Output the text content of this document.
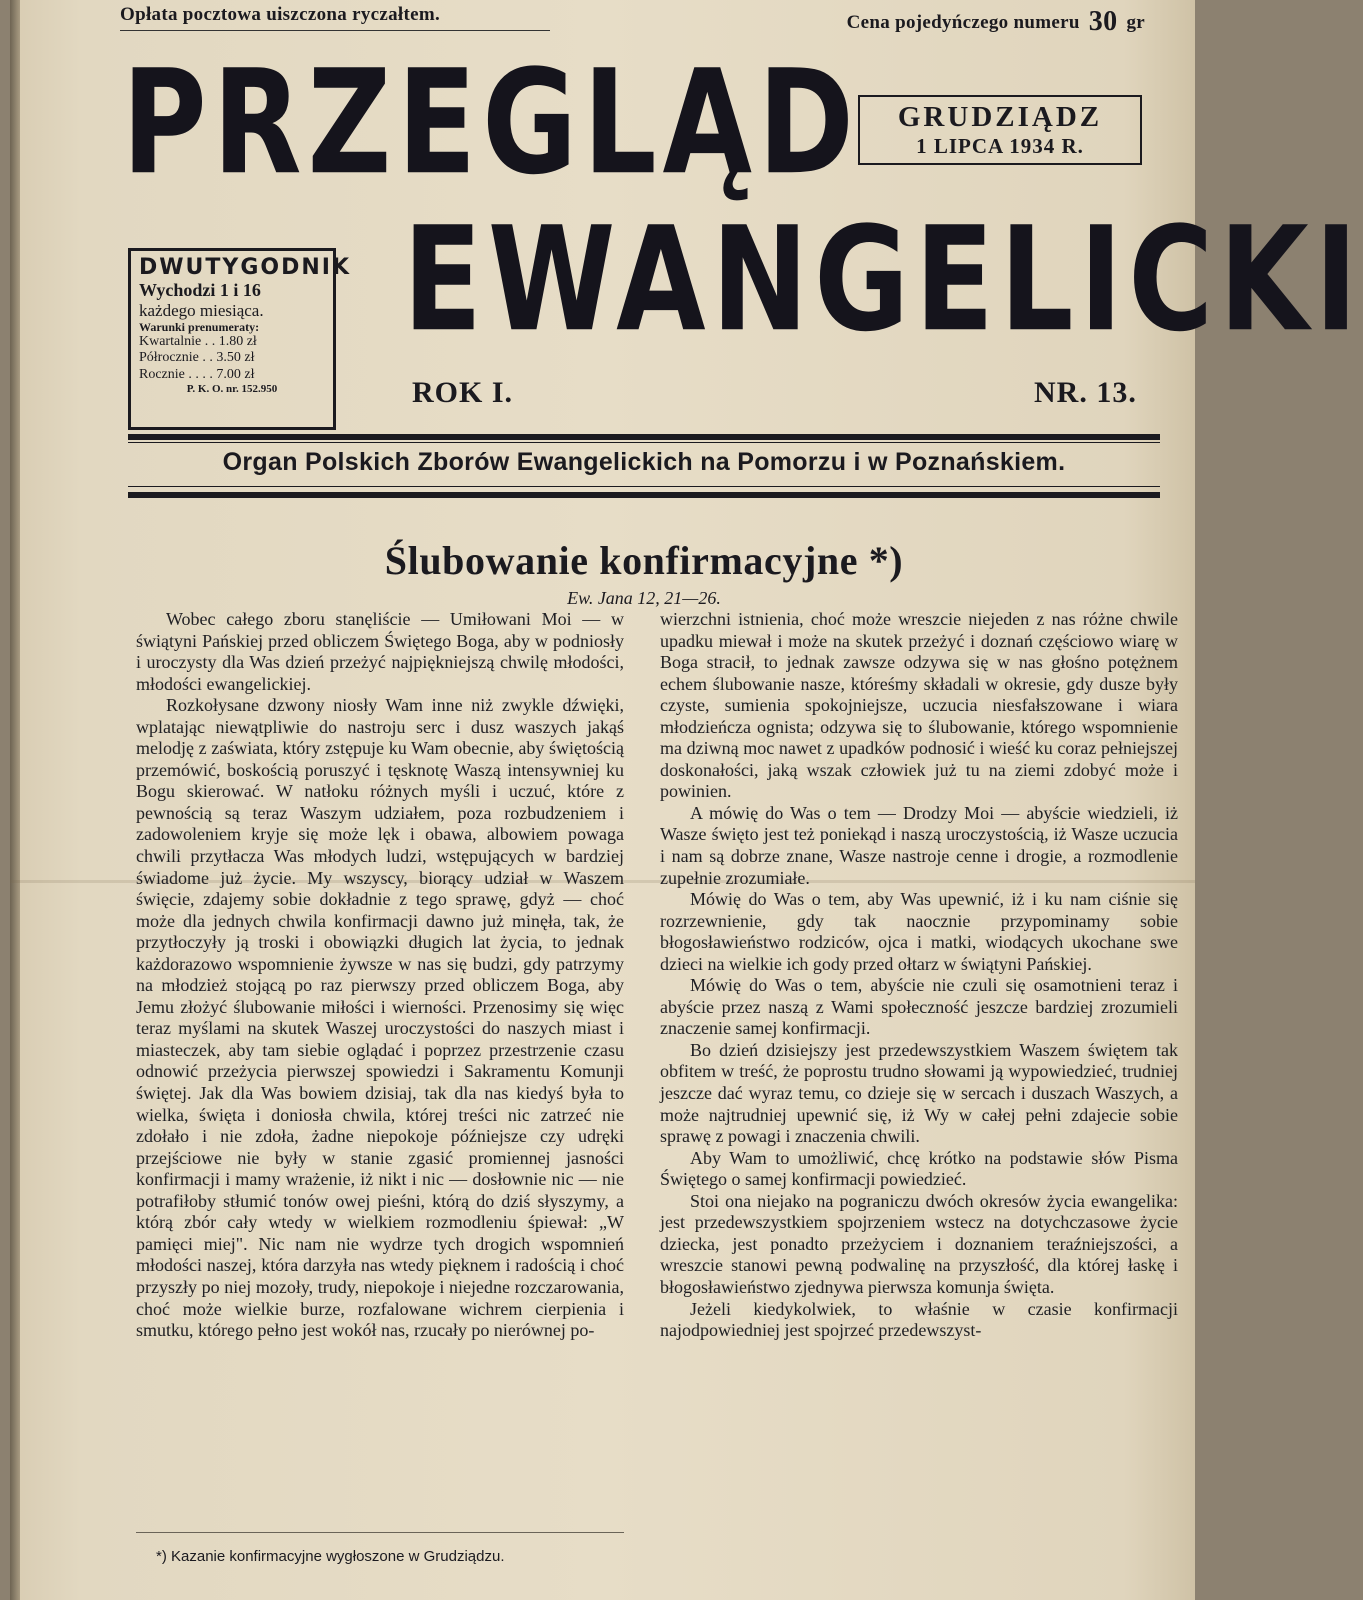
Opłata pocztowa uiszczona ryczałtem.	Cena pojedyńczego numeru 30 gr
PRZEGLĄD
EWANGELICKI
GRUDZIĄDZ
1 LIPCA 1934 R.
DWUTYGODNIK
Wychodzi 1 i 16
każdego miesiąca.
Warunki prenumeraty:
Kwartalnie . . 1.80 zł
Półrocznie . . 3.50 zł
Rocznie . . . . 7.00 zł
P. K. O. nr. 152.950	ROK I.	NR. 13.
Organ Polskich Zborów Ewangelickich na Pomorzu i w Poznańskiem.
Ślubowanie konfirmacyjne *)
Ew. Jana 12, 21—26.

Wobec całego zboru stanęliście — Umiłowani Moi — w świątyni Pańskiej przed obliczem Świętego Boga, aby w podniosły i uroczysty dla Was dzień przeżyć najpiękniejszą chwilę młodości, młodości ewangelickiej.

Rozkołysane dzwony niosły Wam inne niż zwykle dźwięki, wplatając niewątpliwie do nastroju serc i dusz waszych jakąś melodję z zaświata, który zstępuje ku Wam obecnie, aby świętością przemówić, boskością poruszyć i tęsknotę Waszą intensywniej ku Bogu skierować. W natłoku różnych myśli i uczuć, które z pewnością są teraz Waszym udziałem, poza rozbudzeniem i zadowoleniem kryje się może lęk i obawa, albowiem powaga chwili przytłacza Was młodych ludzi, wstępujących w bardziej świadome już życie. My wszyscy, biorący udział w Waszem święcie, zdajemy sobie dokładnie z tego sprawę, gdyż — choć może dla jednych chwila konfirmacji dawno już minęła, tak, że przytłoczyły ją troski i obowiązki długich lat życia, to jednak każdorazowo wspomnienie żywsze w nas się budzi, gdy patrzymy na młodzież stojącą po raz pierwszy przed obliczem Boga, aby Jemu złożyć ślubowanie miłości i wierności. Przenosimy się więc teraz myślami na skutek Waszej uroczystości do naszych miast i miasteczek, aby tam siebie oglądać i poprzez przestrzenie czasu odnowić przeżycia pierwszej spowiedzi i Sakramentu Komunji świętej. Jak dla Was bowiem dzisiaj, tak dla nas kiedyś była to wielka, święta i doniosła chwila, której treści nic zatrzeć nie zdołało i nie zdoła, żadne niepokoje późniejsze czy udręki przejściowe nie były w stanie zgasić promiennej jasności konfirmacji i mamy wrażenie, iż nikt i nic — dosłownie nic — nie potrafiłoby stłumić tonów owej pieśni, którą do dziś słyszymy, a którą zbór cały wtedy w wielkiem rozmodleniu śpiewał: „W pamięci miej". Nic nam nie wydrze tych drogich wspomnień młodości naszej, która darzyła nas wtedy pięknem i radością i choć przyszły po niej mozoły, trudy, niepokoje i niejedne rozczarowania, choć może wielkie burze, rozfalowane wichrem cierpienia i smutku, którego pełno jest wokół nas, rzucały po nierównej po-

wierzchni istnienia, choć może wreszcie niejeden z nas różne chwile upadku miewał i może na skutek przeżyć i doznań częściowo wiarę w Boga stracił, to jednak zawsze odzywa się w nas głośno potężnem echem ślubowanie nasze, któreśmy składali w okresie, gdy dusze były czyste, sumienia spokojniejsze, uczucia niesfałszowane i wiara młodzieńcza ognista; odzywa się to ślubowanie, którego wspomnienie ma dziwną moc nawet z upadków podnosić i wieść ku coraz pełniejszej doskonałości, jaką wszak człowiek już tu na ziemi zdobyć może i powinien.

A mówię do Was o tem — Drodzy Moi — abyście wiedzieli, iż Wasze święto jest też poniekąd i naszą uroczystością, iż Wasze uczucia i nam są dobrze znane, Wasze nastroje cenne i drogie, a rozmodlenie zupełnie zrozumiałe.

Mówię do Was o tem, aby Was upewnić, iż i ku nam ciśnie się rozrzewnienie, gdy tak naocznie przypominamy sobie błogosławieństwo rodziców, ojca i matki, wiodących ukochane swe dzieci na wielkie ich gody przed ołtarz w świątyni Pańskiej.

Mówię do Was o tem, abyście nie czuli się osamotnieni teraz i abyście przez naszą z Wami społeczność jeszcze bardziej zrozumieli znaczenie samej konfirmacji.

Bo dzień dzisiejszy jest przedewszystkiem Waszem świętem tak obfitem w treść, że poprostu trudno słowami ją wypowiedzieć, trudniej jeszcze dać wyraz temu, co dzieje się w sercach i duszach Waszych, a może najtrudniej upewnić się, iż Wy w całej pełni zdajecie sobie sprawę z powagi i znaczenia chwili.

Aby Wam to umożliwić, chcę krótko na podstawie słów Pisma Świętego o samej konfirmacji powiedzieć.

Stoi ona niejako na pograniczu dwóch okresów życia ewangelika: jest przedewszystkiem spojrzeniem wstecz na dotychczasowe życie dziecka, jest ponadto przeżyciem i doznaniem teraźniejszości, a wreszcie stanowi pewną podwalinę na przyszłość, dla której łaskę i błogosławieństwo zjednywa pierwsza komunja święta.

Jeżeli kiedykolwiek, to właśnie w czasie konfirmacji najodpowiedniej jest spojrzeć przedewszyst-

*) Kazanie konfirmacyjne wygłoszone w Grudziądzu.
